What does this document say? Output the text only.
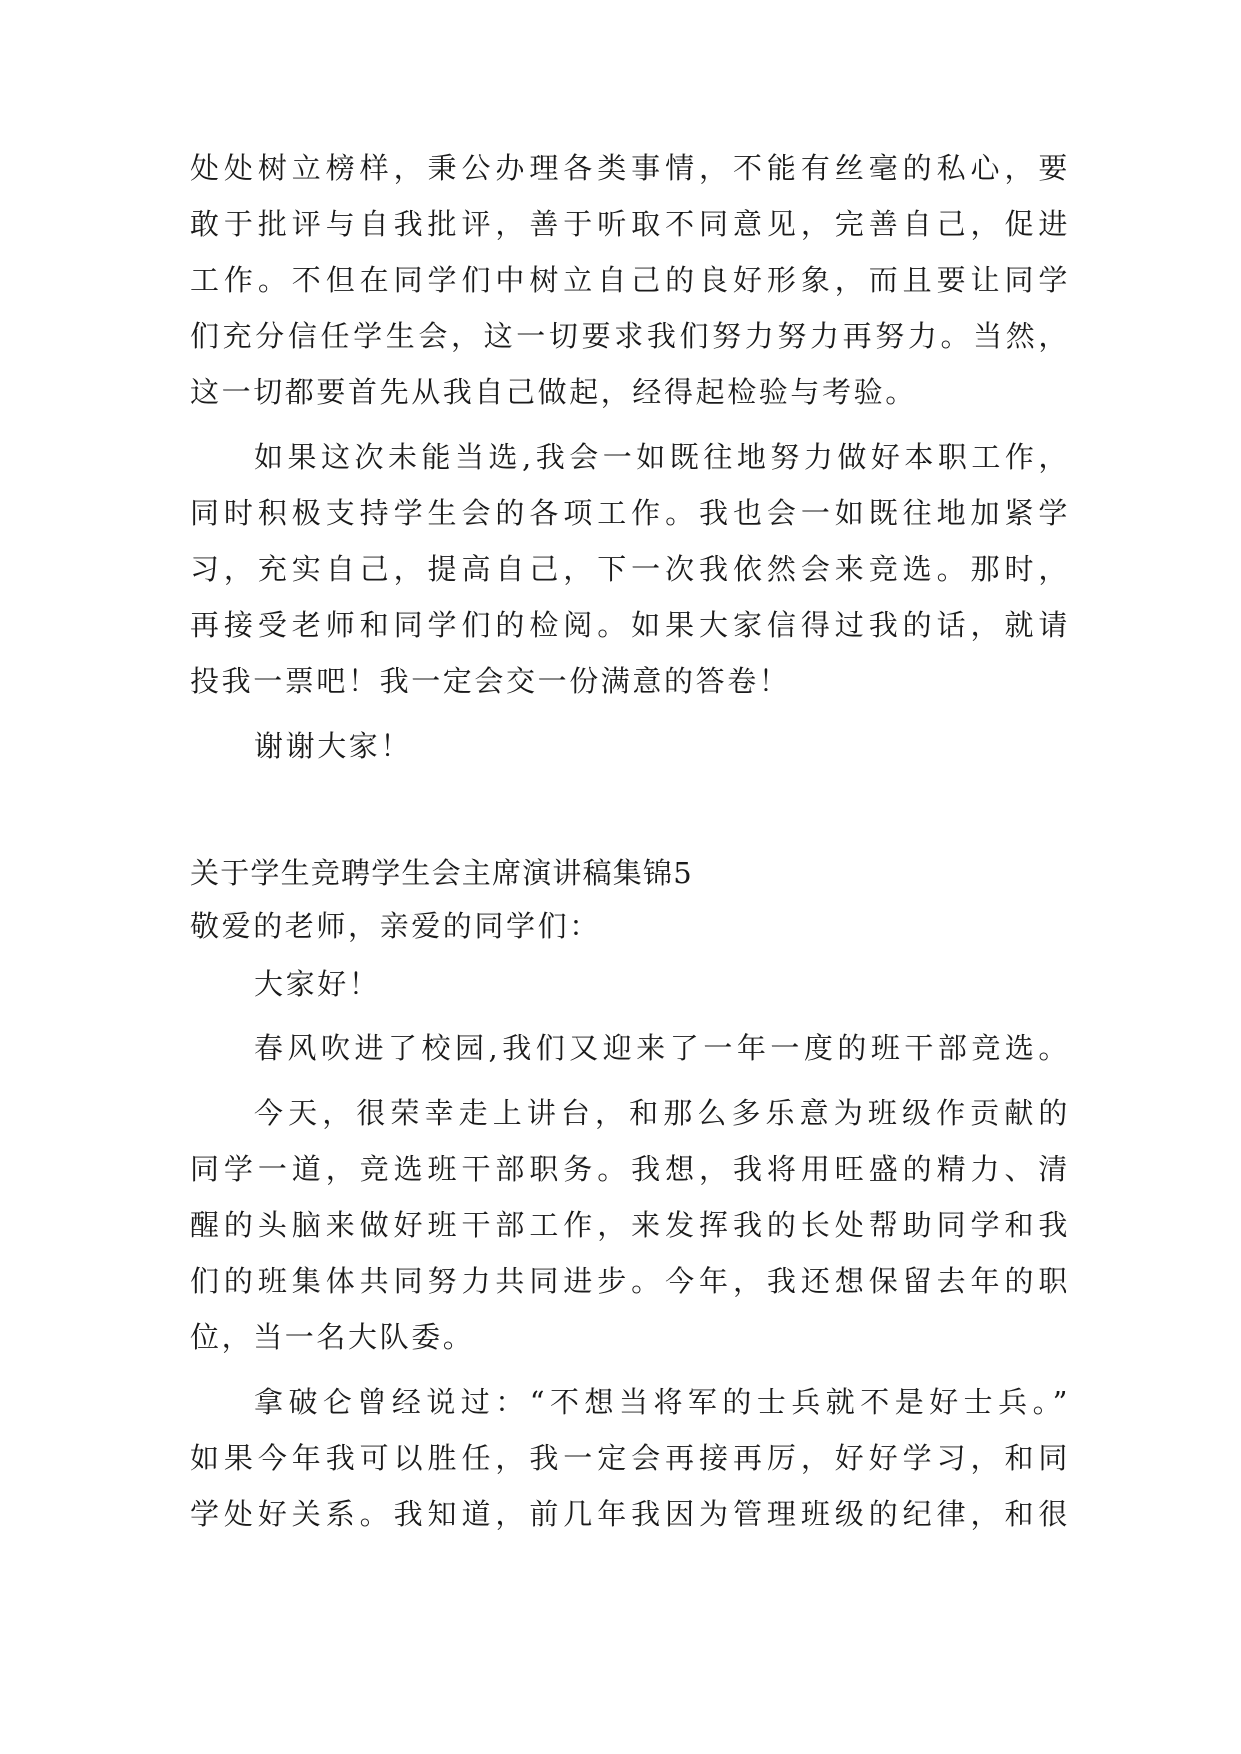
处处树立榜样，秉公办理各类事情，不能有丝毫的私心，要
敢于批评与自我批评，善于听取不同意见，完善自己，促进
工作。不但在同学们中树立自己的良好形象，而且要让同学
们充分信任学生会，这一切要求我们努力努力再努力。当然，
这一切都要首先从我自己做起，经得起检验与考验。
如果这次未能当选,我会一如既往地努力做好本职工作，
同时积极支持学生会的各项工作。我也会一如既往地加紧学
习，充实自己，提高自己，下一次我依然会来竞选。那时，
再接受老师和同学们的检阅。如果大家信得过我的话，就请
投我一票吧！我一定会交一份满意的答卷！
谢谢大家！
关于学生竞聘学生会主席演讲稿集锦5
敬爱的老师，亲爱的同学们：
大家好！
春风吹进了校园,我们又迎来了一年一度的班干部竞选。
今天，很荣幸走上讲台，和那么多乐意为班级作贡献的
同学一道，竞选班干部职务。我想，我将用旺盛的精力、清
醒的头脑来做好班干部工作，来发挥我的长处帮助同学和我
们的班集体共同努力共同进步。今年，我还想保留去年的职
位，当一名大队委。
拿破仑曾经说过：“不想当将军的士兵就不是好士兵。”
如果今年我可以胜任，我一定会再接再厉，好好学习，和同
学处好关系。我知道，前几年我因为管理班级的纪律，和很
